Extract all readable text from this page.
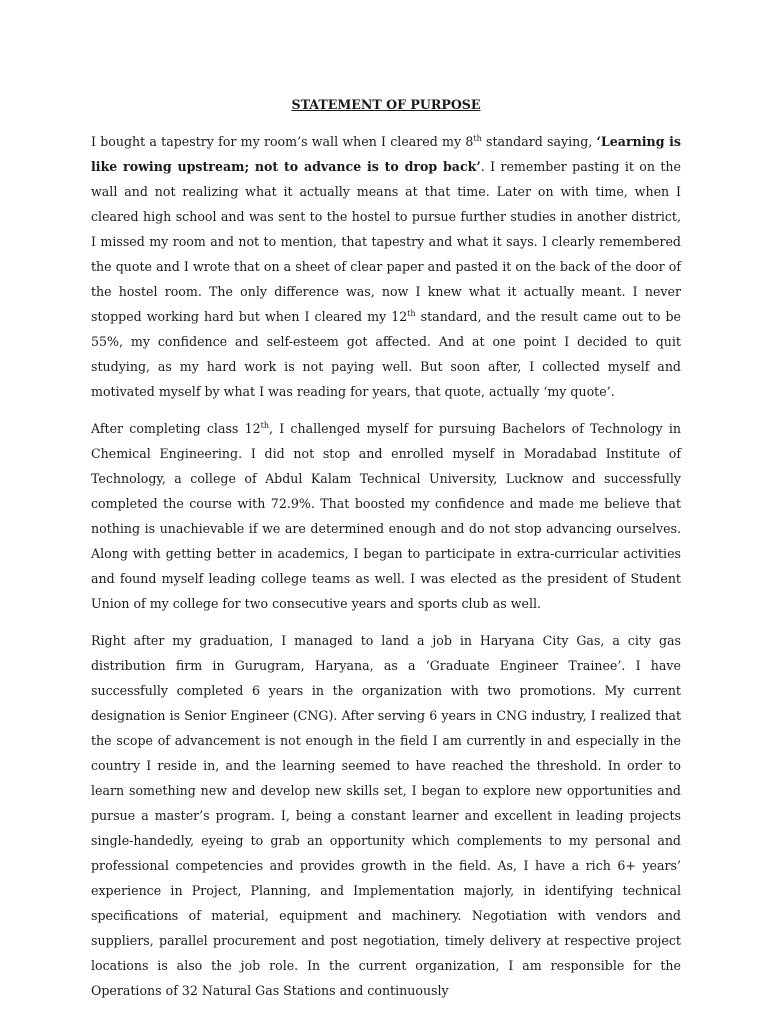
STATEMENT OF PURPOSE

I bought a tapestry for my room’s wall when I cleared my 8th standard saying, ‘Learning is like rowing upstream; not to advance is to drop back’. I remember pasting it on the wall and not realizing what it actually means at that time. Later on with time, when I cleared high school and was sent to the hostel to pursue further studies in another district, I missed my room and not to mention, that tapestry and what it says. I clearly remembered the quote and I wrote that on a sheet of clear paper and pasted it on the back of the door of the hostel room. The only difference was, now I knew what it actually meant. I never stopped working hard but when I cleared my 12th standard, and the result came out to be 55%, my confidence and self-esteem got affected. And at one point I decided to quit studying, as my hard work is not paying well. But soon after, I collected myself and motivated myself by what I was reading for years, that quote, actually ‘my quote’.

After completing class 12th, I challenged myself for pursuing Bachelors of Technology in Chemical Engineering. I did not stop and enrolled myself in Moradabad Institute of Technology, a college of Abdul Kalam Technical University, Lucknow and successfully completed the course with 72.9%. That boosted my confidence and made me believe that nothing is unachievable if we are determined enough and do not stop advancing ourselves. Along with getting better in academics, I began to participate in extra-curricular activities and found myself leading college teams as well. I was elected as the president of Student Union of my college for two consecutive years and sports club as well.

Right after my graduation, I managed to land a job in Haryana City Gas, a city gas distribution firm in Gurugram, Haryana, as a ‘Graduate Engineer Trainee’. I have successfully completed 6 years in the organization with two promotions. My current designation is Senior Engineer (CNG). After serving 6 years in CNG industry, I realized that the scope of advancement is not enough in the field I am currently in and especially in the country I reside in, and the learning seemed to have reached the threshold. In order to learn something new and develop new skills set, I began to explore new opportunities and pursue a master’s program. I, being a constant learner and excellent in leading projects single-handedly, eyeing to grab an opportunity which complements to my personal and professional competencies and provides growth in the field. As, I have a rich 6+ years’ experience in Project, Planning, and Implementation majorly, in identifying technical specifications of material, equipment and machinery. Negotiation with vendors and suppliers, parallel procurement and post negotiation, timely delivery at respective project locations is also the job role. In the current organization, I am responsible for the Operations of 32 Natural Gas Stations and continuously
